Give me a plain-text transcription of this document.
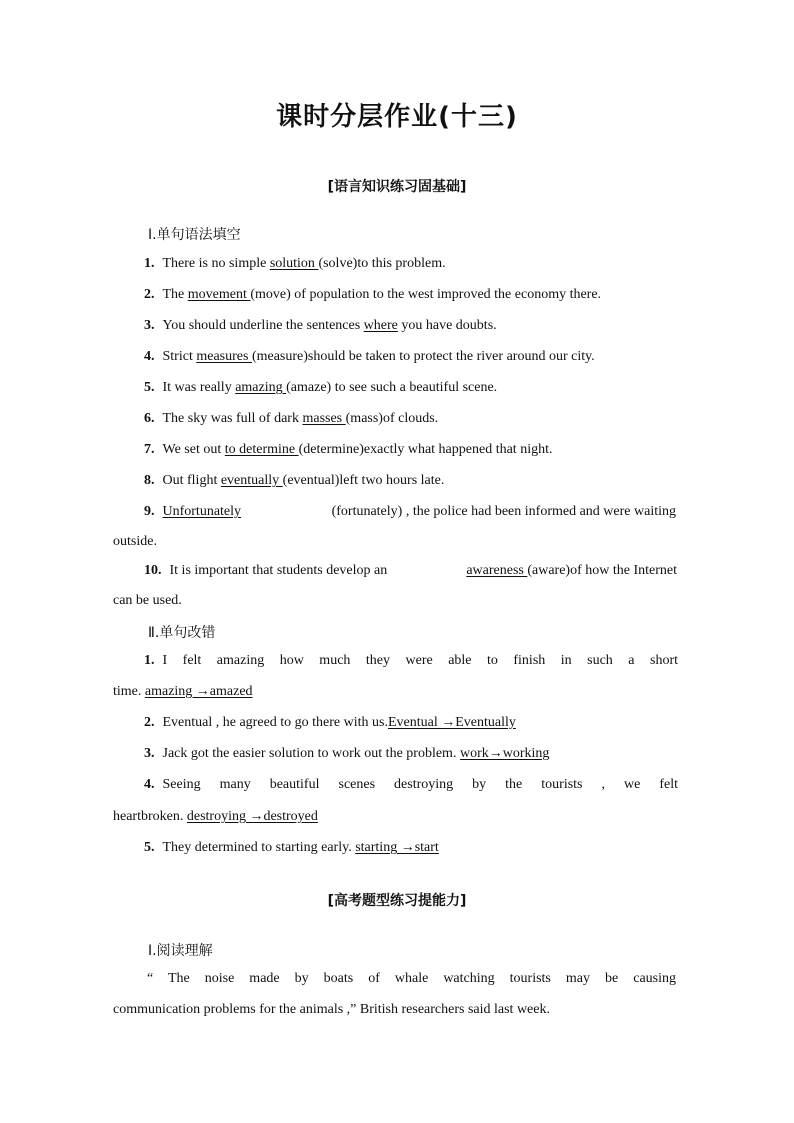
课时分层作业(十三)
[语言知识练习固基础]
Ⅰ.单句语法填空
1. There is no simple solution (solve)to this problem.
2. The movement (move) of population to the west improved the economy there.
3. You should underline the sentences where you have doubts.
4. Strict measures (measure)should be taken to protect the river around our city.
5. It was really amazing (amaze) to see such a beautiful scene.
6. The sky was full of dark masses (mass)of clouds.
7. We set out to determine (determine)exactly what happened that night.
8. Out flight eventually (eventual)left two hours late.
9. Unfortunately	(fortunately) , the police had been informed and were waiting
outside.
10. It is important that students develop an	awareness (aware)of how the Internet
can be used.
Ⅱ.单句改错
1. I felt amazing how much they were able to finish in such a short
time. amazing →amazed
2. Eventual , he agreed to go there with us.Eventual →Eventually
3. Jack got the easier solution to work out the problem. work→working
4. Seeing many beautiful scenes destroying by the tourists , we felt
heartbroken. destroying →destroyed
5. They determined to starting early. starting →start
[高考题型练习提能力]
Ⅰ.阅读理解
“ The noise made by boats of whale watching tourists may be causing
communication problems for the animals ,” British researchers said last week.
